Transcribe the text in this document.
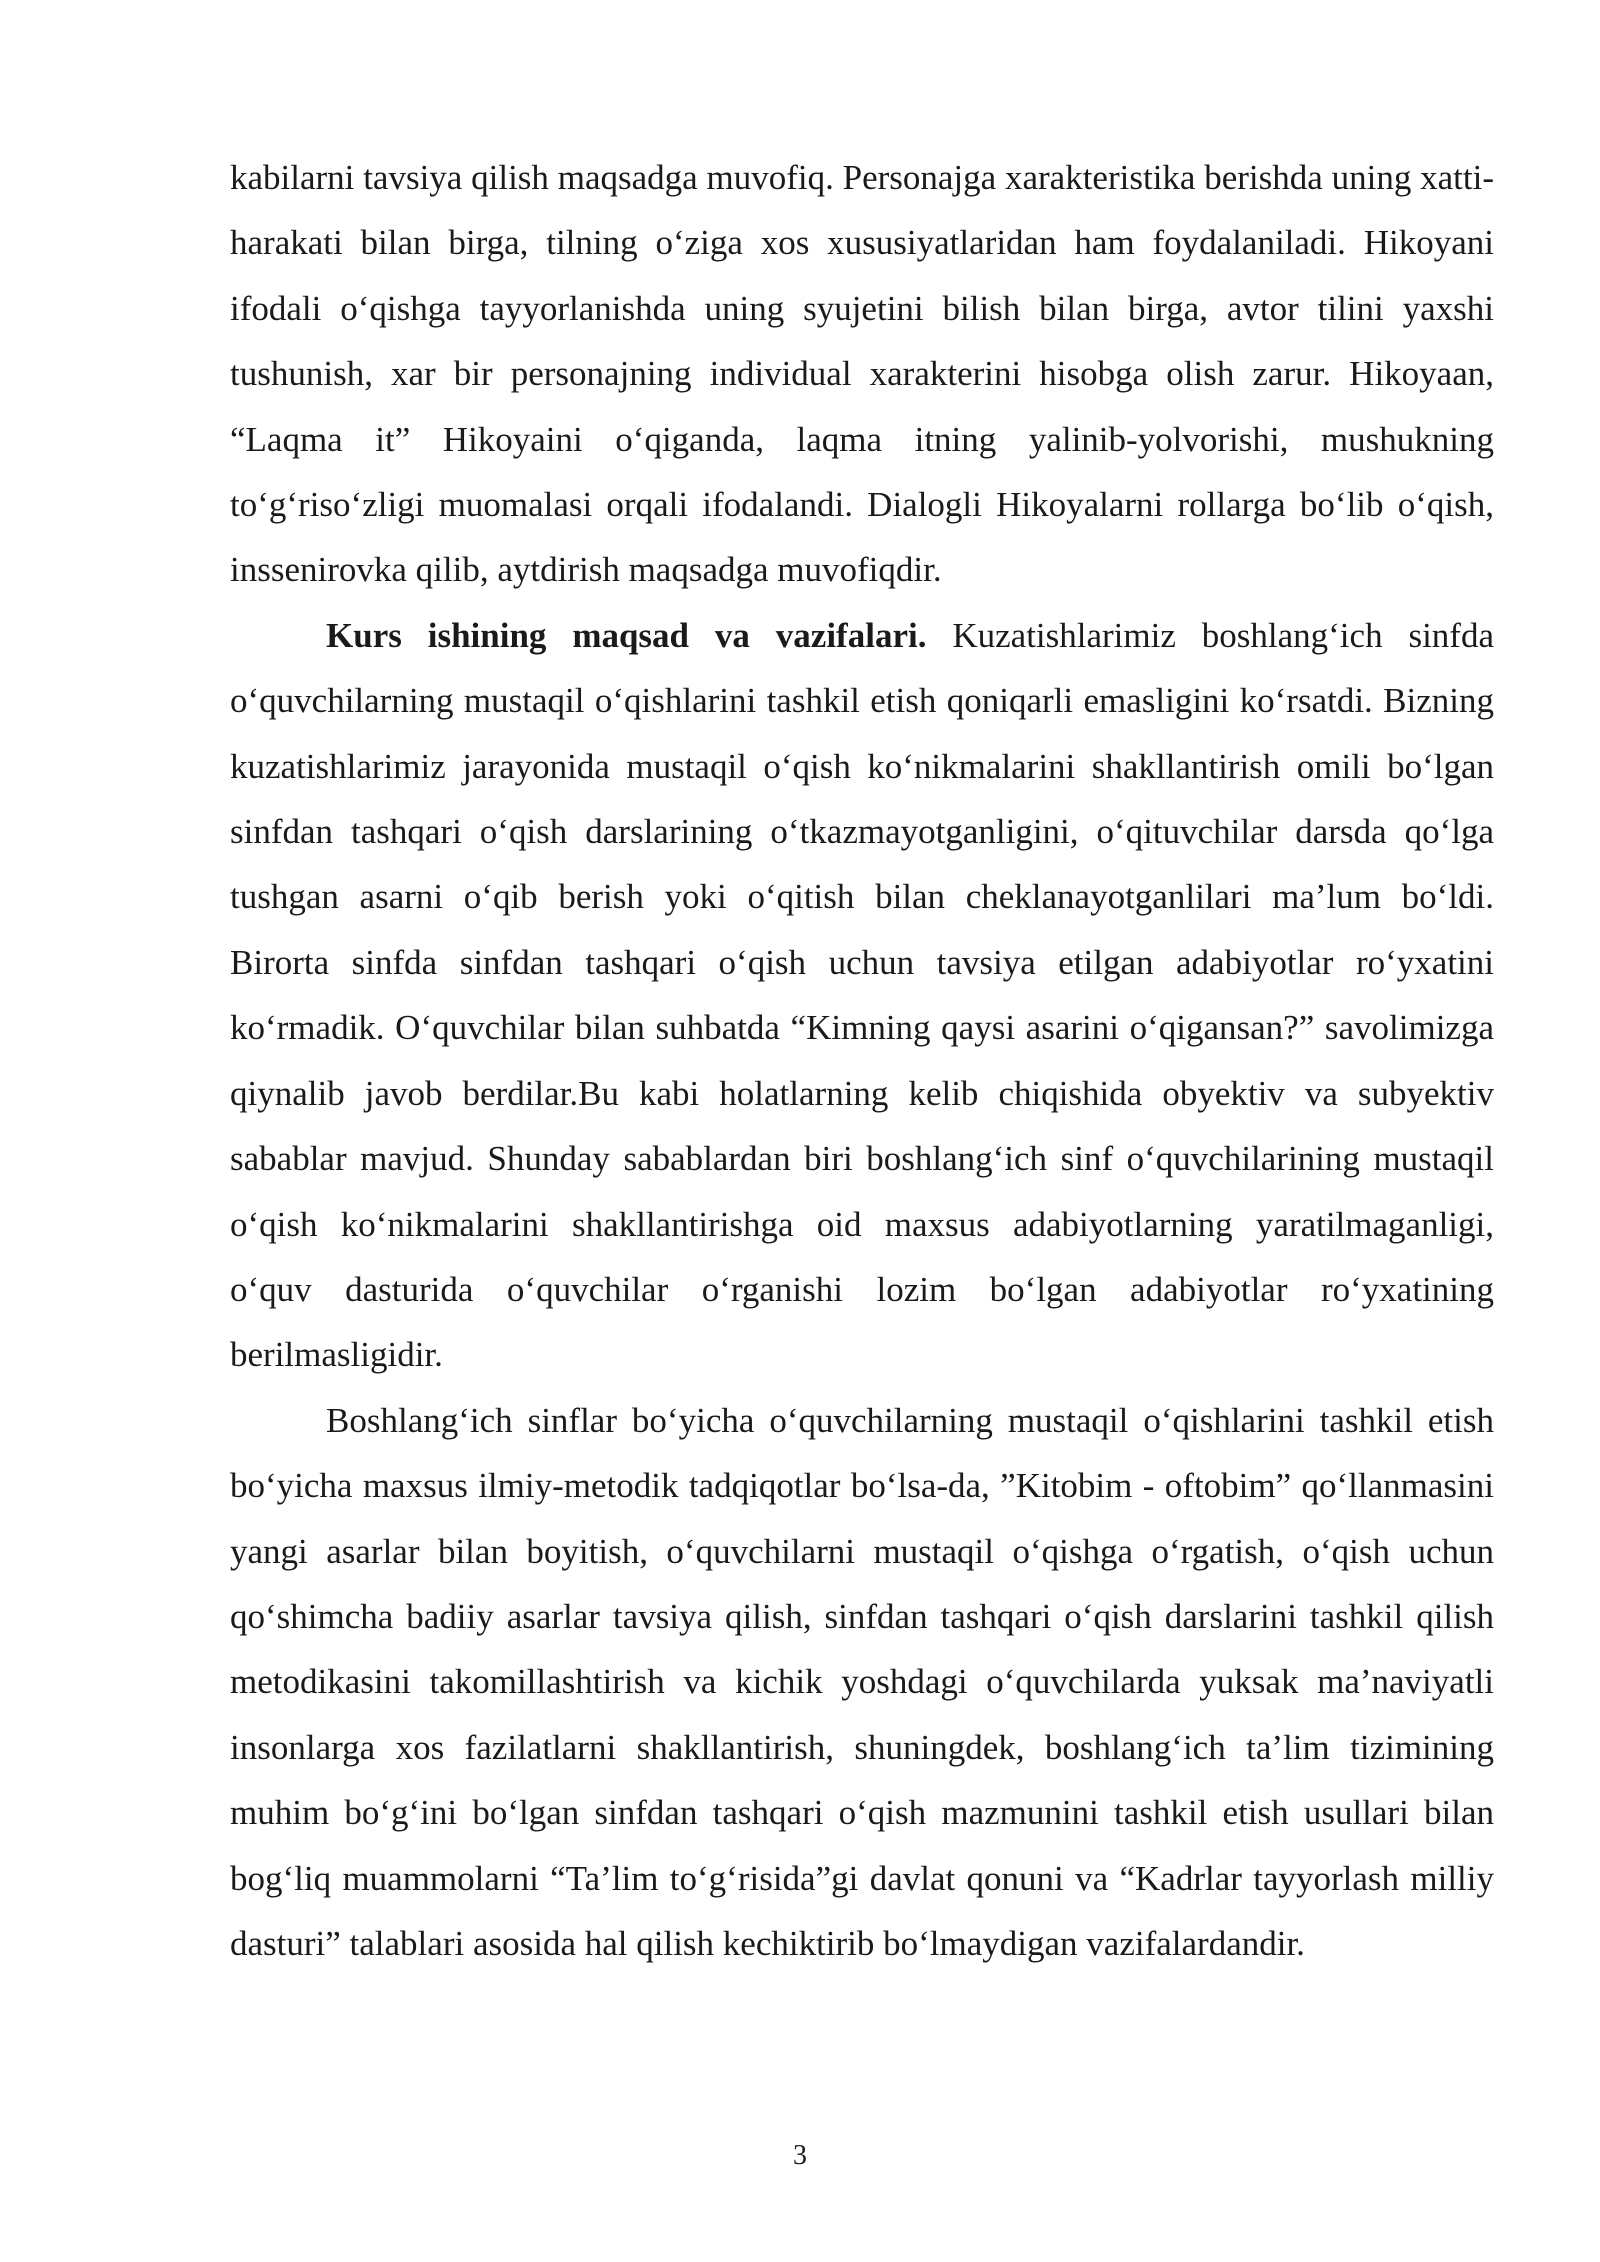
kabilarni tavsiya qilish maqsadga muvofiq. Personajga xarakteristika berishda uning xatti-harakati bilan birga, tilning o‘ziga xos xususiyatlaridan ham foydalaniladi. Hikoyani ifodali o‘qishga tayyorlanishda uning syujetini bilish bilan birga, avtor tilini yaxshi tushunish, xar bir personajning individual xarakterini hisobga olish zarur. Hikoyaan, “Laqma it” Hikoyaini o‘qiganda, laqma itning yalinib-yolvorishi, mushukning to‘g‘riso‘zligi muomalasi orqali ifodalandi. Dialogli Hikoyalarni rollarga bo‘lib o‘qish, inssenirovka qilib, aytdirish maqsadga muvofiqdir.

Kurs ishining maqsad va vazifalari. Kuzatishlarimiz boshlang‘ich sinfda o‘quvchilarning mustaqil o‘qishlarini tashkil etish qoniqarli emasligini ko‘rsatdi. Bizning kuzatishlarimiz jarayonida mustaqil o‘qish ko‘nikmalarini shakllantirish omili bo‘lgan sinfdan tashqari o‘qish darslarining o‘tkazmayotganligini, o‘qituvchilar darsda qo‘lga tushgan asarni o‘qib berish yoki o‘qitish bilan cheklanayotganlilari ma’lum bo‘ldi. Birorta sinfda sinfdan tashqari o‘qish uchun tavsiya etilgan adabiyotlar ro‘yxatini ko‘rmadik. O‘quvchilar bilan suhbatda “Kimning qaysi asarini o‘qigansan?” savolimizga qiynalib javob berdilar.Bu kabi holatlarning kelib chiqishida obyektiv va subyektiv sabablar mavjud. Shunday sabablardan biri boshlang‘ich sinf o‘quvchilarining mustaqil o‘qish ko‘nikmalarini shakllantirishga oid maxsus adabiyotlarning yaratilmaganligi, o‘quv dasturida o‘quvchilar o‘rganishi lozim bo‘lgan adabiyotlar ro‘yxatining berilmasligidir.

Boshlang‘ich sinflar bo‘yicha o‘quvchilarning mustaqil o‘qishlarini tashkil etish bo‘yicha maxsus ilmiy-metodik tadqiqotlar bo‘lsa-da, ”Kitobim - oftobim” qo‘llanmasini yangi asarlar bilan boyitish, o‘quvchilarni mustaqil o‘qishga o‘rgatish, o‘qish uchun qo‘shimcha badiiy asarlar tavsiya qilish, sinfdan tashqari o‘qish darslarini tashkil qilish metodikasini takomillashtirish va kichik yoshdagi o‘quvchilarda yuksak ma’naviyatli insonlarga xos fazilatlarni shakllantirish, shuningdek, boshlang‘ich ta’lim tizimining muhim bo‘g‘ini bo‘lgan sinfdan tashqari o‘qish mazmunini tashkil etish usullari bilan bog‘liq muammolarni “Ta’lim to‘g‘risida”gi davlat qonuni va “Kadrlar tayyorlash milliy dasturi” talablari asosida hal qilish kechiktirib bo‘lmaydigan vazifalardandir.

3
